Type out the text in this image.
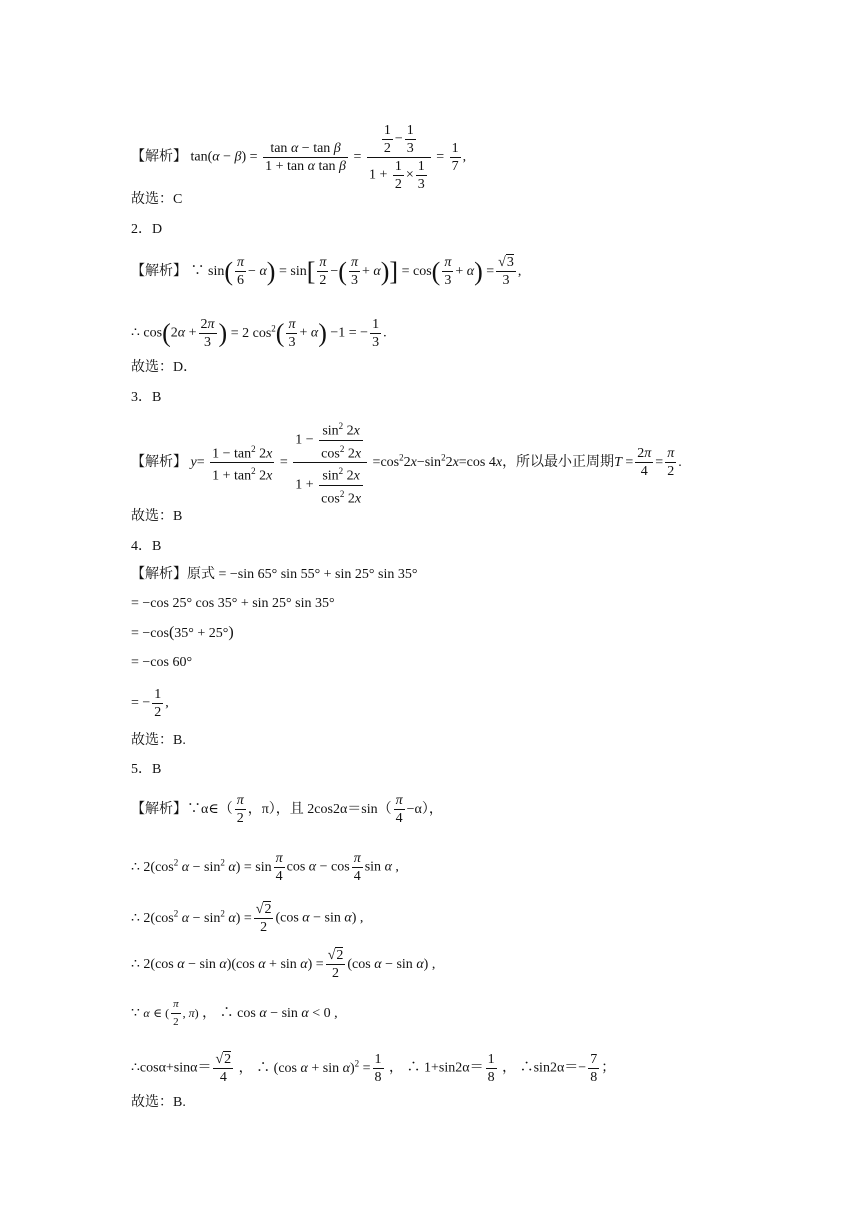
【解析】 $\tan(\alpha - \beta) = \frac{\text{tan α − tan β}}{\text{1 + tan α tan β}} = \frac{\frac{1}{2} - \frac{1}{3}}{1 + \frac{1}{2} \times \frac{1}{3}} = \frac{1}{7}$ ,
故选：C
2．D
【解析】 ∵ $\sin( \frac{\pi}{6} - \alpha) = \sin[ \frac{\pi}{2}$ −( $\frac{\pi}{3} + \alpha)] = \cos( \frac{\pi}{3} + \alpha) = \frac{√3}{3}$ ,
∴ $\cos(2\alpha + \frac{2\pi}{3}$ ) = 2 $\cos^2( \frac{\pi}{3} + \alpha) -1$ = − $\frac{1}{3}$ .
故选：D．
3．B
【解析】 $y= \frac{1 - \tan^2 2x}{1 + \tan^2 2x} = \frac{1 - \frac{\sin^2 2x}{\cos^2 2x}}{1 + \frac{\sin^2 2x}{\cos^2 2x}} =\cos^22x-\sin^22x=\cos$ 4x，所以最小正周期$T = \frac{2\pi}{4} = \frac{\pi}{2}$ .
故选：B
4．B
【解析】原式 = −sin 65° sin 55° + sin 25° sin 35°
= −cos 25° cos 35° + sin 25° sin 35°
= −cos(35° + 25°)
= −cos 60°
= − $\frac{1}{2}$ ,
故选：B.
5．B
【解析】∵α∈（ $\frac{\pi}{2}$ ，π），且 $2\cos 2\alpha=\sin( \frac{\pi}{4} -\alpha)$，
∴ $2(\cos^2$ $\alpha - \sin^2 \alpha) = \sin \frac{\pi}{4}$ $\cos \alpha - \cos \frac{\pi}{4}$ sin α ,
∴ $2(\cos^2$ $\alpha - \sin^2 \alpha) = \frac{√2}{2} (\cos$ α − sin α) ,
∴ 2(cos α − sin α)(cos $\alpha + \sin \alpha) = \frac{√2}{2} (\cos$ α − sin α) ,
∵ α ∈ ( $\frac{\pi}{2}$ , π) ， ∴ cos α − sin α < 0 ,
∴cosα+sinα＝ $\frac{√2}{4}$ ， ∴ (cos $\alpha + \sin \alpha)^2 = \frac{1}{8}$ ， ∴ $1+\sin 2\alpha= \frac{1}{8}$ ， ∴sin2α＝− $\frac{7}{8}$ ；
故选：B.
